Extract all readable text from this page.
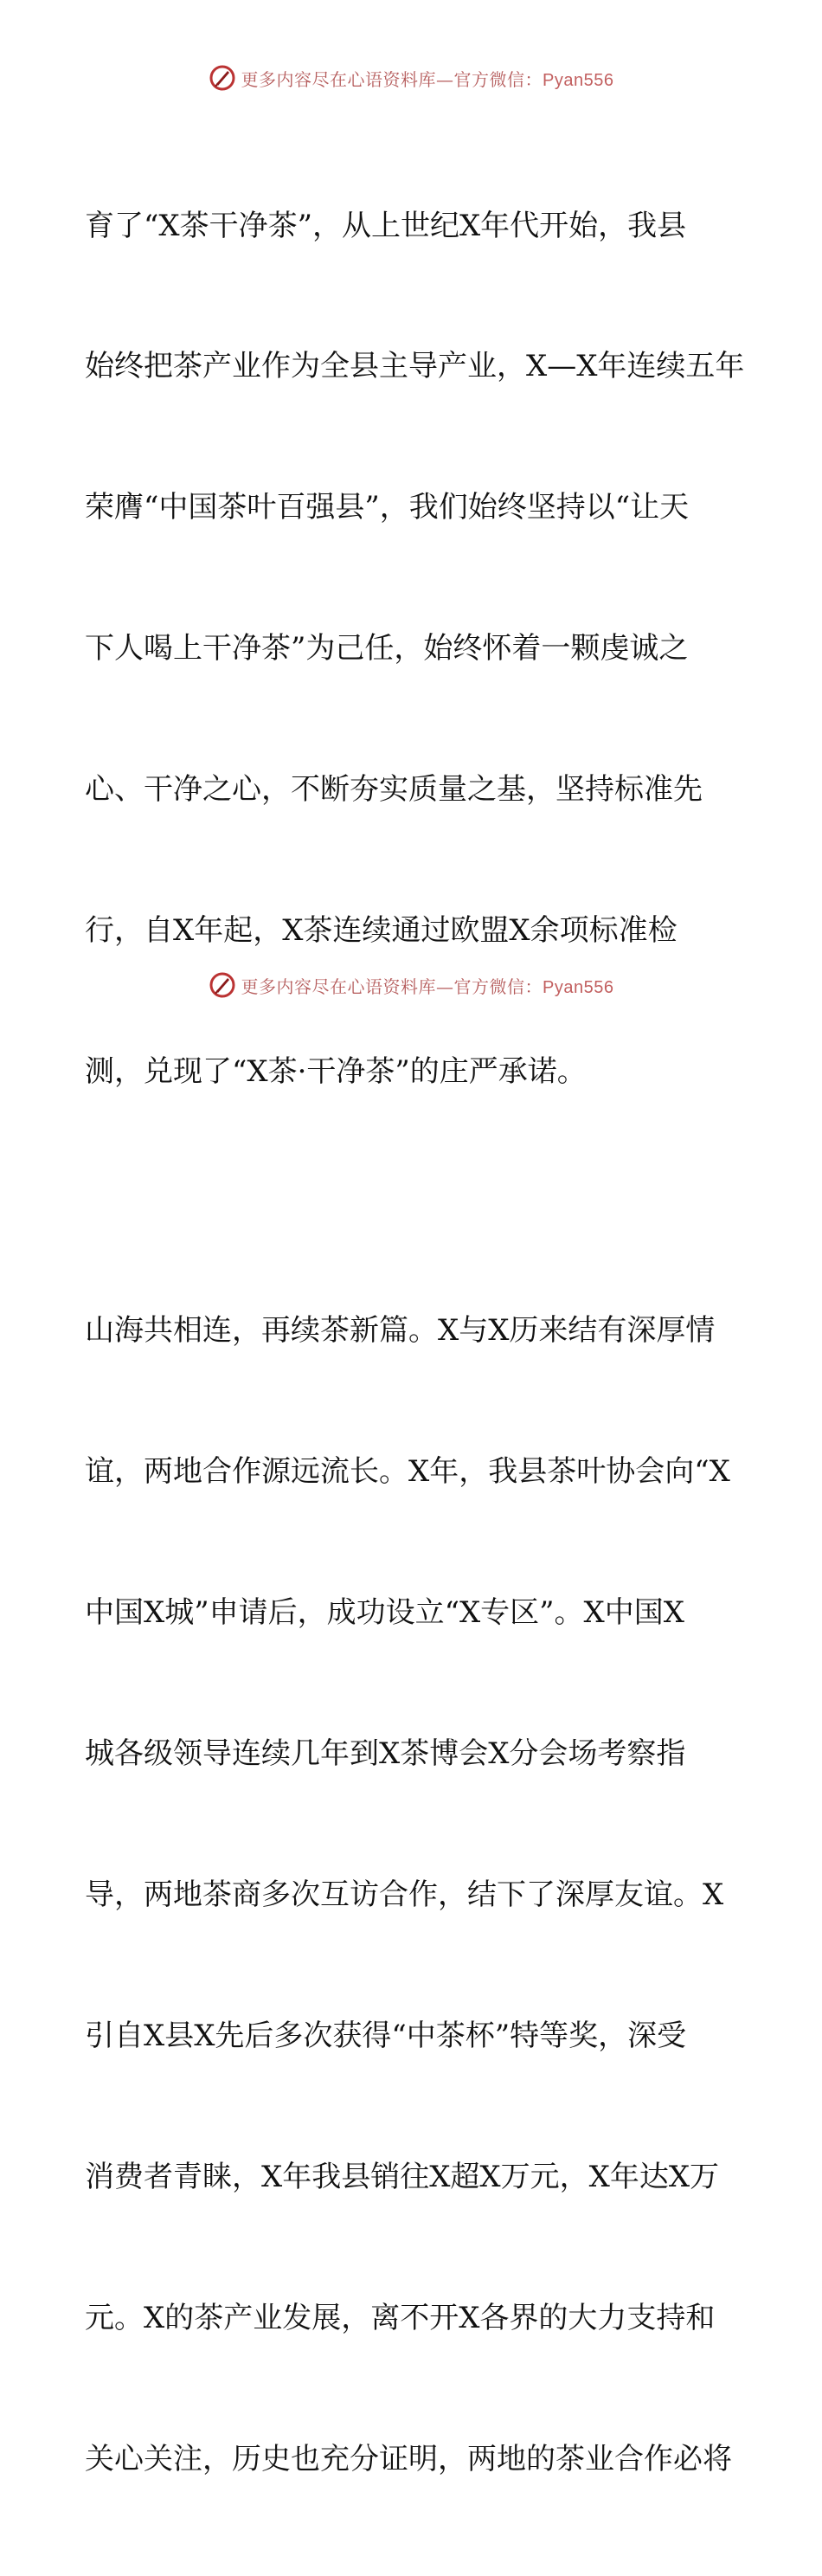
更多内容尽在心语资料库—官方微信：Pyan556

育了“X茶干净茶”，从上世纪X年代开始，我县

始终把茶产业作为全县主导产业，X—X年连续五年

荣膺“中国茶叶百强县”，我们始终坚持以“让天

下人喝上干净茶”为己任，始终怀着一颗虔诚之

心、干净之心，不断夯实质量之基，坚持标准先

行，自X年起，X茶连续通过欧盟X余项标准检

测，兑现了“X茶·干净茶”的庄严承诺。

山海共相连，再续茶新篇。X与X历来结有深厚情

谊，两地合作源远流长。X年，我县茶叶协会向“X

中国X城”申请后，成功设立“X专区”。X中国X

城各级领导连续几年到X茶博会X分会场考察指

导，两地茶商多次互访合作，结下了深厚友谊。X

引自X县X先后多次获得“中茶杯”特等奖，深受

消费者青睐，X年我县销往X超X万元，X年达X万

元。X的茶产业发展，离不开X各界的大力支持和

关心关注，历史也充分证明，两地的茶业合作必将

更多内容尽在心语资料库—官方微信：Pyan556
